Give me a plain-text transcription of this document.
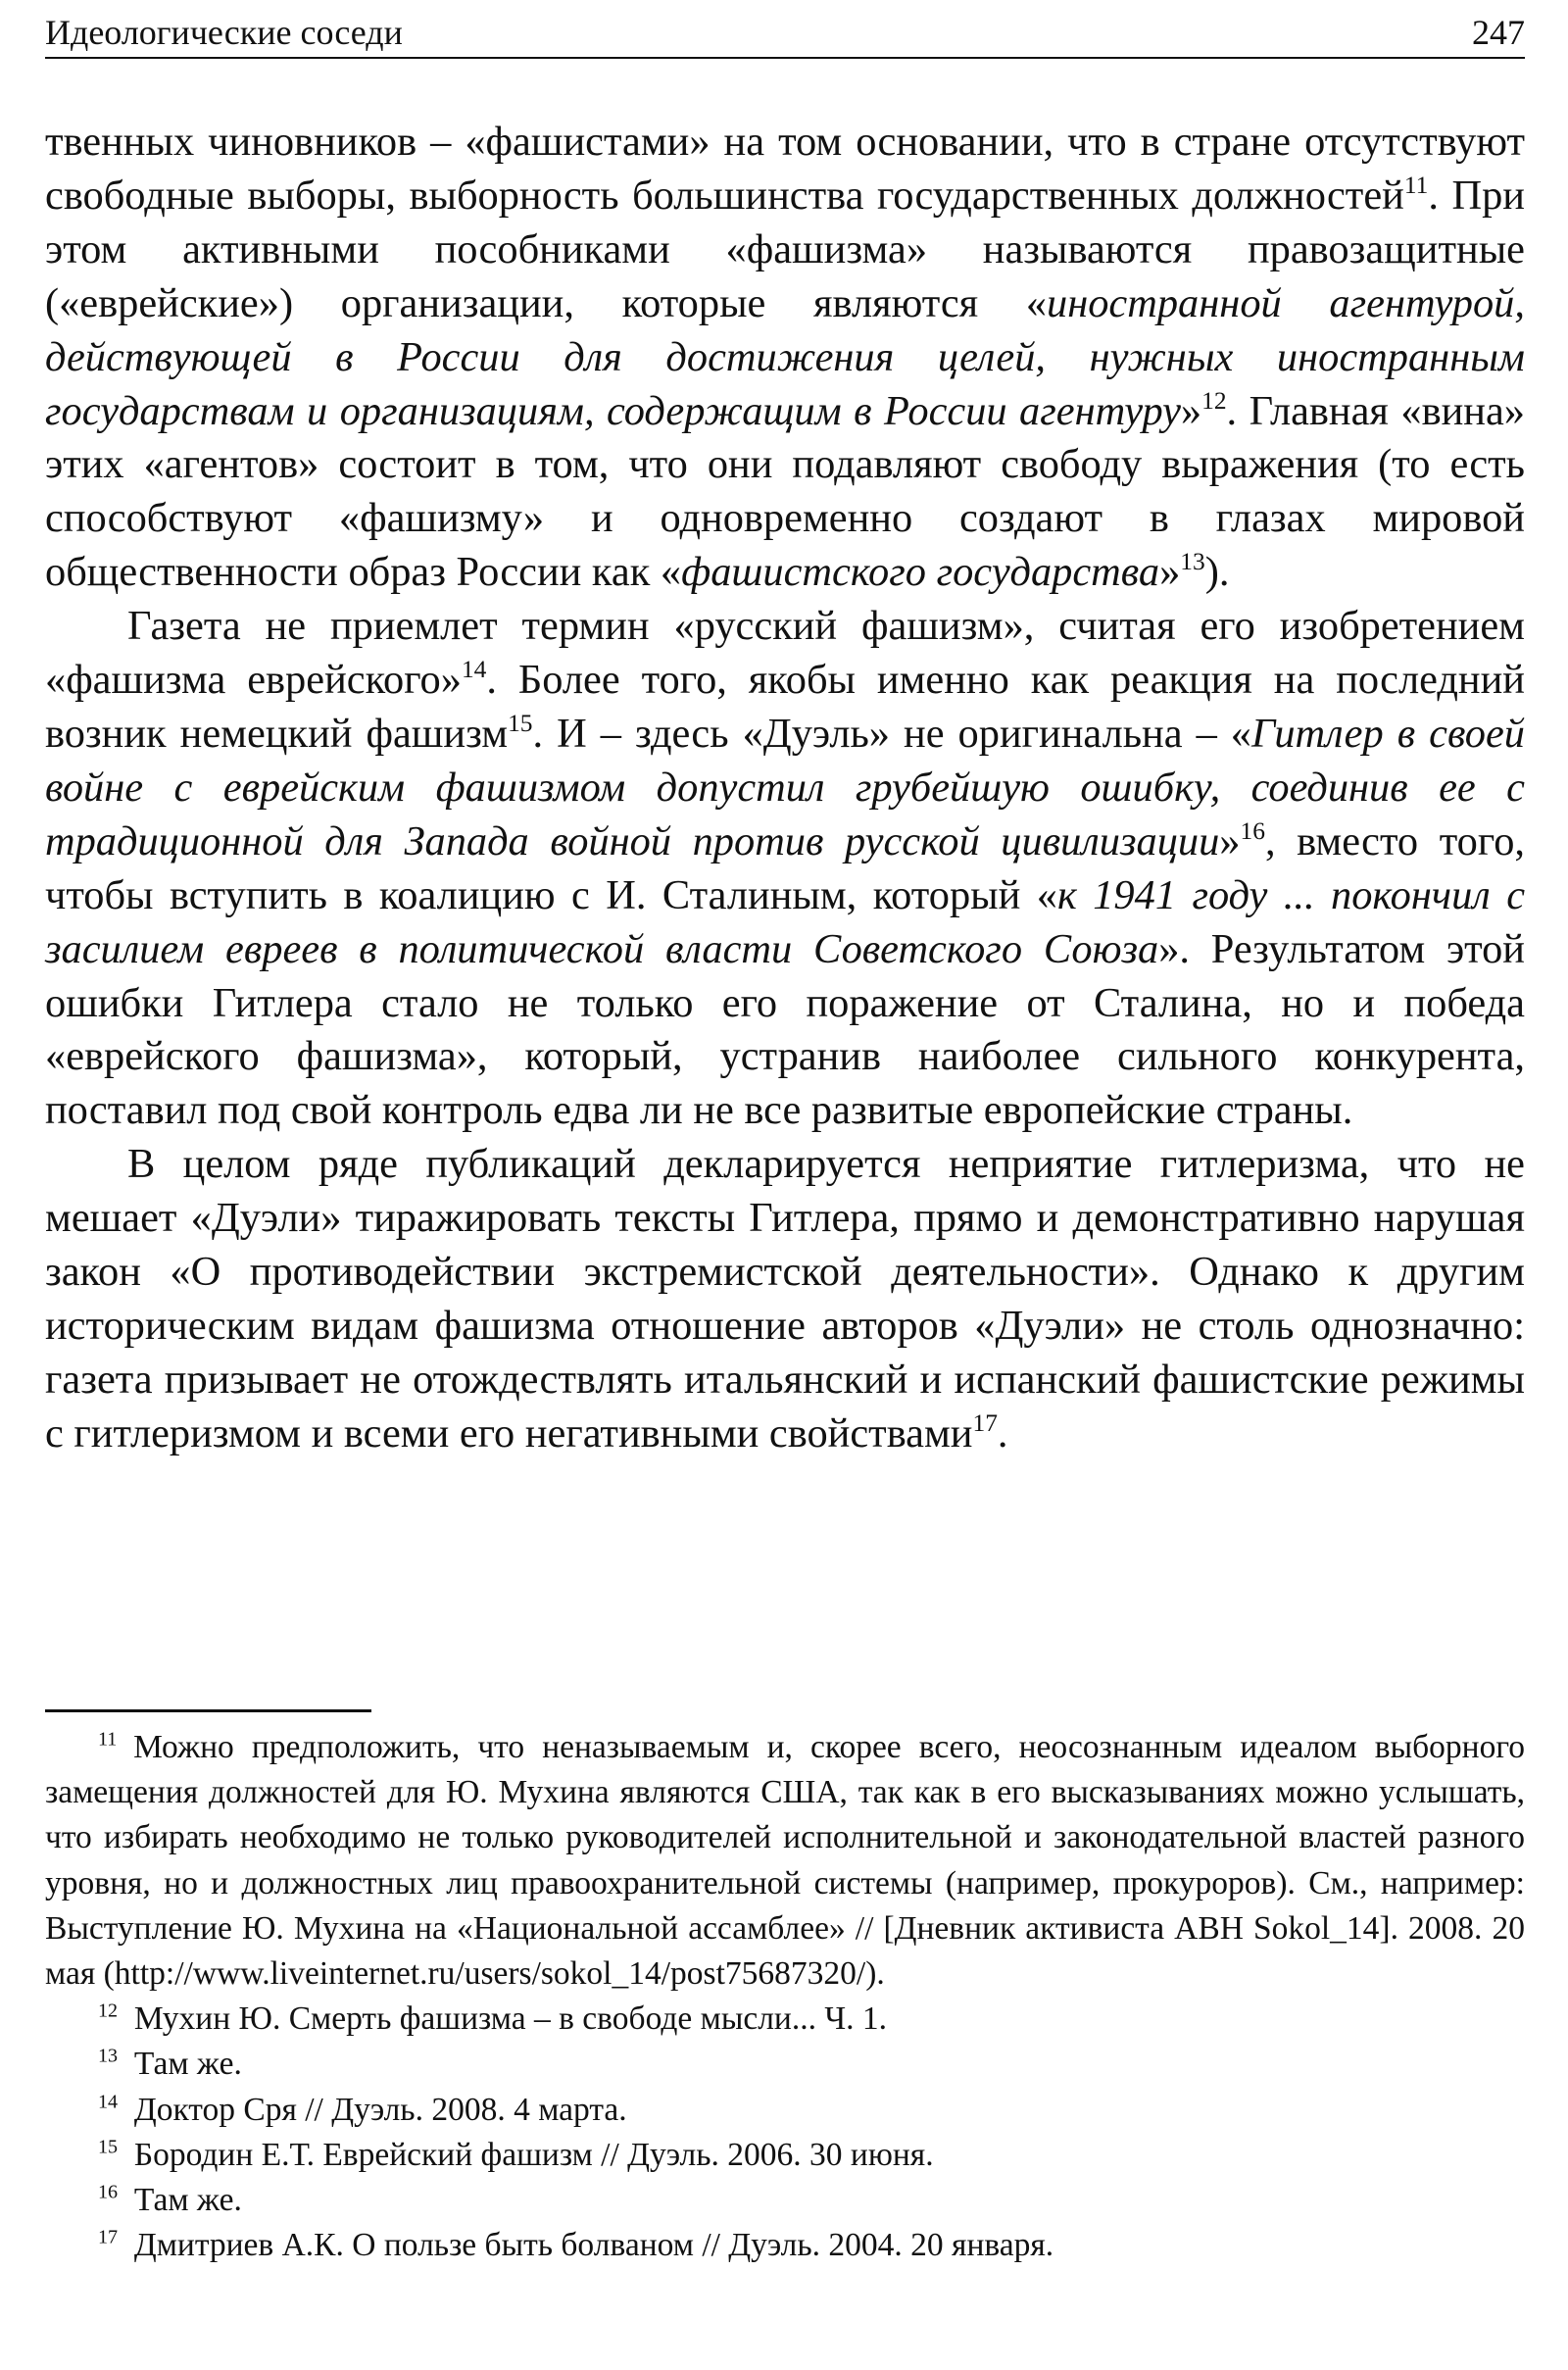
Идеологические соседи	247

твенных чиновников – «фашистами» на том основании, что в стране отсутствуют свободные выборы, выборность большинства государственных должностей$^{11}$. При этом активными пособниками «фашизма» называются правозащитные («еврейские») организации, которые являются «иностранной агентурой, действующей в России для достижения целей, нужных иностранным государствам и организациям, содержащим в России агентуру»$^{12}$. Главная «вина» этих «агентов» состоит в том, что они подавляют свободу выражения (то есть способствуют «фашизму» и одновременно создают в глазах мировой общественности образ России как «фашистского государства»$^{13}$).

Газета не приемлет термин «русский фашизм», считая его изобретением «фашизма еврейского»$^{14}$. Более того, якобы именно как реакция на последний возник немецкий фашизм$^{15}$. И – здесь «Дуэль» не оригинальна – «Гитлер в своей войне с еврейским фашизмом допустил грубейшую ошибку, соединив ее с традиционной для Запада войной против русской цивилизации»$^{16}$, вместо того, чтобы вступить в коалицию с И. Сталиным, который «к 1941 году ... покончил с засилием евреев в политической власти Советского Союза». Результатом этой ошибки Гитлера стало не только его поражение от Сталина, но и победа «еврейского фашизма», который, устранив наиболее сильного конкурента, поставил под свой контроль едва ли не все развитые европейские страны.

В целом ряде публикаций декларируется неприятие гитлеризма, что не мешает «Дуэли» тиражировать тексты Гитлера, прямо и демонстративно нарушая закон «О противодействии экстремистской деятельности». Однако к другим историческим видам фашизма отношение авторов «Дуэли» не столь однозначно: газета призывает не отождествлять итальянский и испанский фашистские режимы с гитлеризмом и всеми его негативными свойствами$^{17}$.

$^{11}$  Можно предположить, что неназываемым и, скорее всего, неосознанным идеалом выборного замещения должностей для Ю. Мухина являются США, так как в его высказываниях можно услышать, что избирать необходимо не только руководителей исполнительной и законодательной властей разного уровня, но и должностных лиц правоохранительной системы (например, прокуроров). См., например: Выступление Ю. Мухина на «Национальной ассамблее» // [Дневник активиста АВН Sokol_14]. 2008. 20 мая (http://www.liveinternet.ru/users/sokol_14/post75687320/).

$^{12}$  Мухин Ю. Смерть фашизма – в свободе мысли... Ч. 1.

$^{13}$  Там же.

$^{14}$  Доктор Сря // Дуэль. 2008. 4 марта.

$^{15}$  Бородин Е.Т. Еврейский фашизм // Дуэль. 2006. 30 июня.

$^{16}$  Там же.

$^{17}$  Дмитриев А.К. О пользе быть болваном // Дуэль. 2004. 20 января.
